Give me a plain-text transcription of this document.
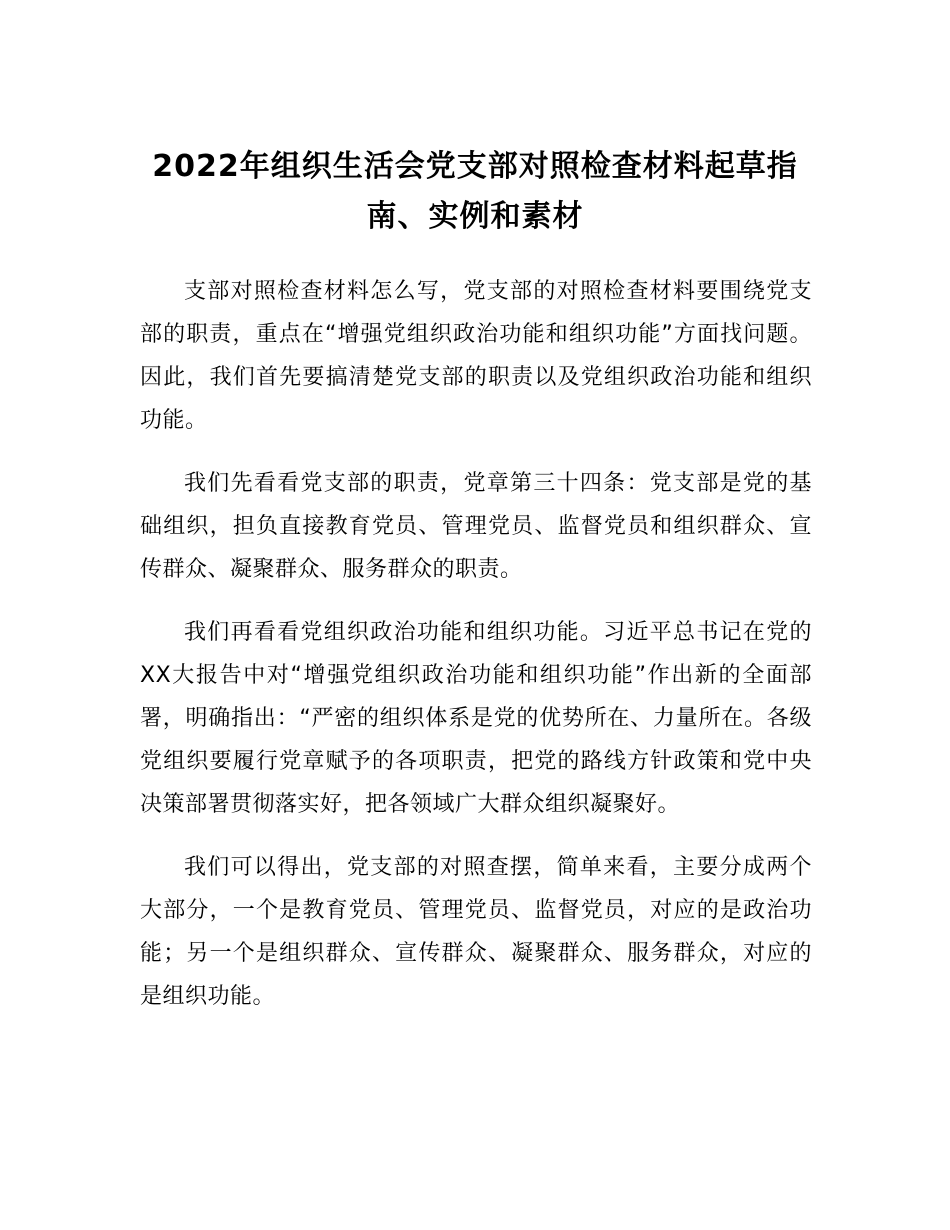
2022年组织生活会党支部对照检查材料起草指南、实例和素材

支部对照检查材料怎么写，党支部的对照检查材料要围绕党支部的职责，重点在“增强党组织政治功能和组织功能”方面找问题。因此，我们首先要搞清楚党支部的职责以及党组织政治功能和组织功能。

我们先看看党支部的职责，党章第三十四条：党支部是党的基础组织，担负直接教育党员、管理党员、监督党员和组织群众、宣传群众、凝聚群众、服务群众的职责。

我们再看看党组织政治功能和组织功能。习近平总书记在党的XX大报告中对“增强党组织政治功能和组织功能”作出新的全面部署，明确指出：“严密的组织体系是党的优势所在、力量所在。各级党组织要履行党章赋予的各项职责，把党的路线方针政策和党中央决策部署贯彻落实好，把各领域广大群众组织凝聚好。

我们可以得出，党支部的对照查摆，简单来看，主要分成两个大部分，一个是教育党员、管理党员、监督党员，对应的是政治功能；另一个是组织群众、宣传群众、凝聚群众、服务群众，对应的是组织功能。
